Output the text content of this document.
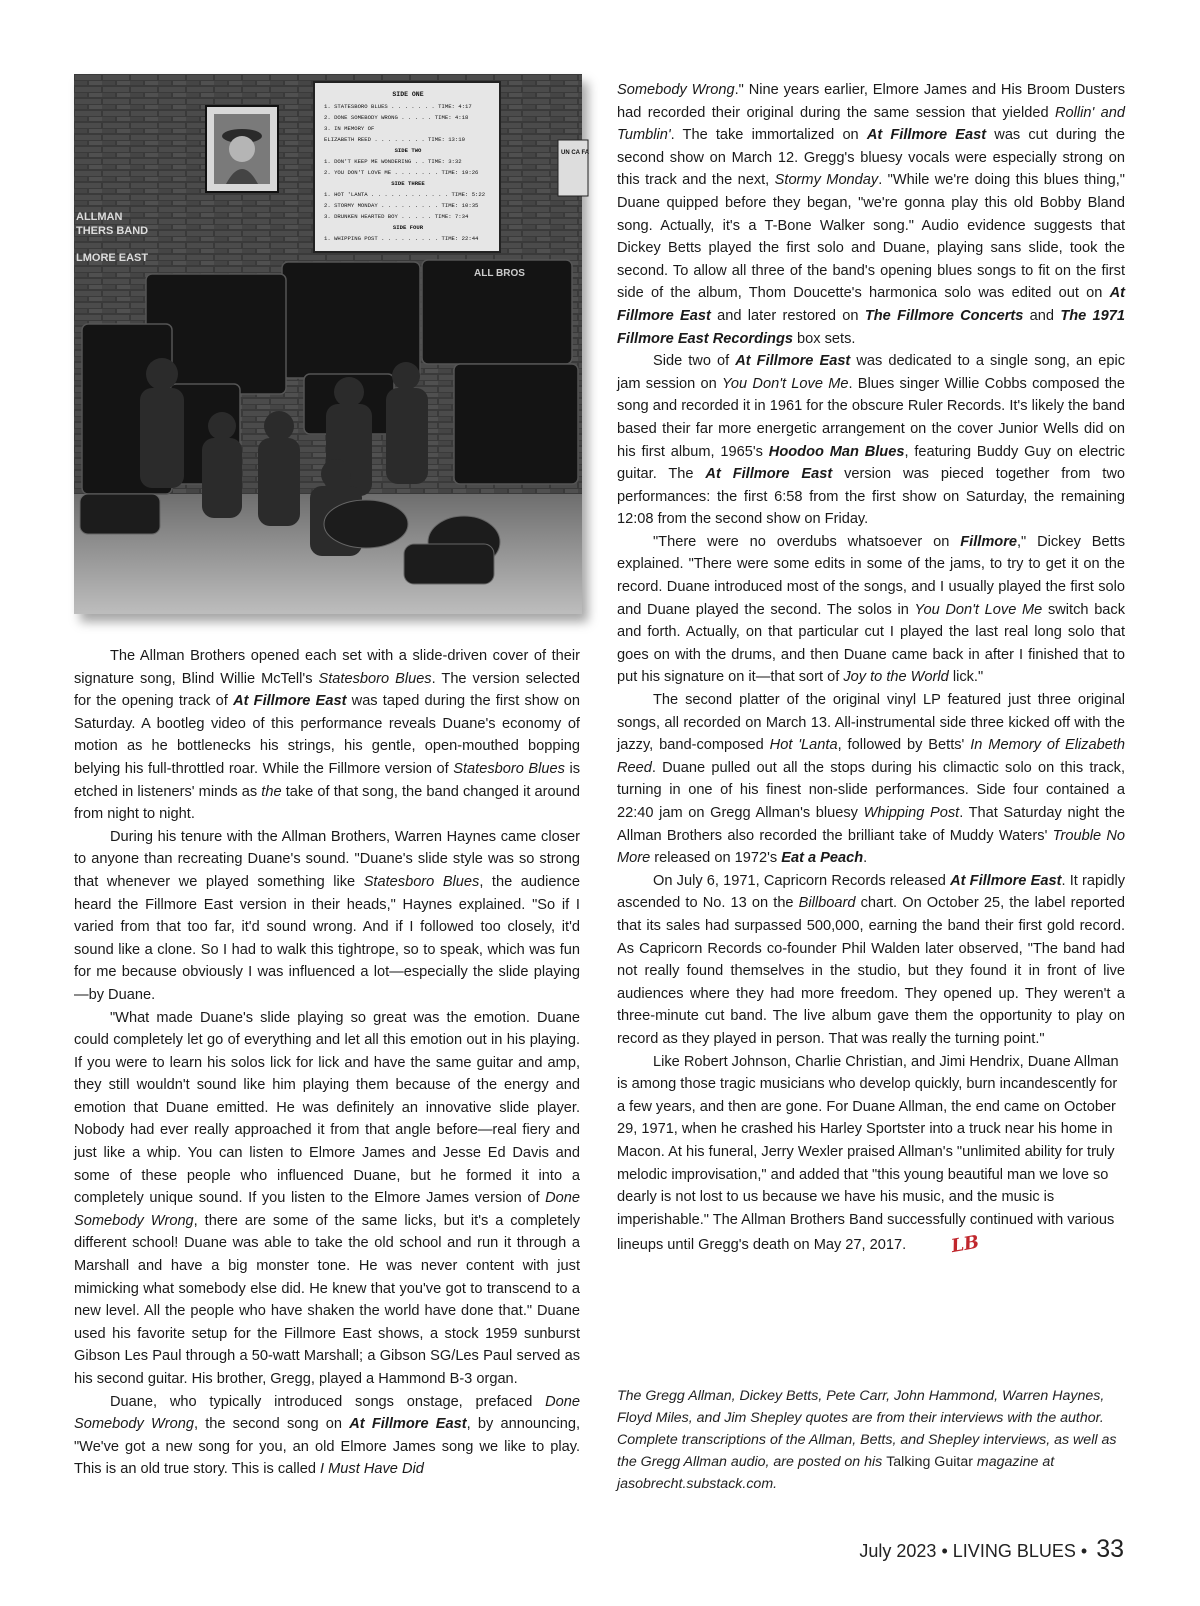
ALLMAN
THERS BAND
LMORE EAST
SIDE ONE
1. STATESBORO BLUES . . . . . . . TIME: 4:17
2. DONE SOMEBODY WRONG . . . . . TIME: 4:18
3. IN MEMORY OF
ELIZABETH REED . . . . . . . . TIME: 13:10
SIDE TWO
1. DON'T KEEP ME WONDERING . . TIME: 3:32
2. YOU DON'T LOVE ME . . . . . . . TIME: 19:26
SIDE THREE
1. HOT 'LANTA . . . . . . . . . . . . TIME: 5:22
2. STORMY MONDAY . . . . . . . . . TIME: 10:35
3. DRUNKEN HEARTED BOY . . . . . TIME: 7:34
SIDE FOUR
1. WHIPPING POST . . . . . . . . . TIME: 22:44
UN CA FA
ALL BROS

The Allman Brothers opened each set with a slide-driven cover of their signature song, Blind Willie McTell's Statesboro Blues. The version selected for the opening track of At Fillmore East was taped during the first show on Saturday. A bootleg video of this performance reveals Duane's economy of motion as he bottlenecks his strings, his gentle, open-mouthed bopping belying his full-throttled roar. While the Fillmore version of Statesboro Blues is etched in listeners' minds as the take of that song, the band changed it around from night to night.

During his tenure with the Allman Brothers, Warren Haynes came closer to anyone than recreating Duane's sound. "Duane's slide style was so strong that whenever we played something like Statesboro Blues, the audience heard the Fillmore East version in their heads," Haynes explained. "So if I varied from that too far, it'd sound wrong. And if I followed too closely, it'd sound like a clone. So I had to walk this tightrope, so to speak, which was fun for me because obviously I was influenced a lot—especially the slide playing—by Duane.

"What made Duane's slide playing so great was the emotion. Duane could completely let go of everything and let all this emotion out in his playing. If you were to learn his solos lick for lick and have the same guitar and amp, they still wouldn't sound like him playing them because of the energy and emotion that Duane emitted. He was definitely an innovative slide player. Nobody had ever really approached it from that angle before—real fiery and just like a whip. You can listen to Elmore James and Jesse Ed Davis and some of these people who influenced Duane, but he formed it into a completely unique sound. If you listen to the Elmore James version of Done Somebody Wrong, there are some of the same licks, but it's a completely different school! Duane was able to take the old school and run it through a Marshall and have a big monster tone. He was never content with just mimicking what somebody else did. He knew that you've got to transcend to a new level. All the people who have shaken the world have done that." Duane used his favorite setup for the Fillmore East shows, a stock 1959 sunburst Gibson Les Paul through a 50-watt Marshall; a Gibson SG/Les Paul served as his second guitar. His brother, Gregg, played a Hammond B-3 organ.

Duane, who typically introduced songs onstage, prefaced Done Somebody Wrong, the second song on At Fillmore East, by announcing, "We've got a new song for you, an old Elmore James song we like to play. This is an old true story. This is called I Must Have Did

Somebody Wrong." Nine years earlier, Elmore James and His Broom Dusters had recorded their original during the same session that yielded Rollin' and Tumblin'. The take immortalized on At Fillmore East was cut during the second show on March 12. Gregg's bluesy vocals were especially strong on this track and the next, Stormy Monday. "While we're doing this blues thing," Duane quipped before they began, "we're gonna play this old Bobby Bland song. Actually, it's a T-Bone Walker song." Audio evidence suggests that Dickey Betts played the first solo and Duane, playing sans slide, took the second. To allow all three of the band's opening blues songs to fit on the first side of the album, Thom Doucette's harmonica solo was edited out on At Fillmore East and later restored on The Fillmore Concerts and The 1971 Fillmore East Recordings box sets.

Side two of At Fillmore East was dedicated to a single song, an epic jam session on You Don't Love Me. Blues singer Willie Cobbs composed the song and recorded it in 1961 for the obscure Ruler Records. It's likely the band based their far more energetic arrangement on the cover Junior Wells did on his first album, 1965's Hoodoo Man Blues, featuring Buddy Guy on electric guitar. The At Fillmore East version was pieced together from two performances: the first 6:58 from the first show on Saturday, the remaining 12:08 from the second show on Friday.

"There were no overdubs whatsoever on Fillmore," Dickey Betts explained. "There were some edits in some of the jams, to try to get it on the record. Duane introduced most of the songs, and I usually played the first solo and Duane played the second. The solos in You Don't Love Me switch back and forth. Actually, on that particular cut I played the last real long solo that goes on with the drums, and then Duane came back in after I finished that to put his signature on it—that sort of Joy to the World lick."

The second platter of the original vinyl LP featured just three original songs, all recorded on March 13. All-instrumental side three kicked off with the jazzy, band-composed Hot 'Lanta, followed by Betts' In Memory of Elizabeth Reed. Duane pulled out all the stops during his climactic solo on this track, turning in one of his finest non-slide performances. Side four contained a 22:40 jam on Gregg Allman's bluesy Whipping Post. That Saturday night the Allman Brothers also recorded the brilliant take of Muddy Waters' Trouble No More released on 1972's Eat a Peach.

On July 6, 1971, Capricorn Records released At Fillmore East. It rapidly ascended to No. 13 on the Billboard chart. On October 25, the label reported that its sales had surpassed 500,000, earning the band their first gold record. As Capricorn Records co-founder Phil Walden later observed, "The band had not really found themselves in the studio, but they found it in front of live audiences where they had more freedom. They opened up. They weren't a three-minute cut band. The live album gave them the opportunity to play on record as they played in person. That was really the turning point."

Like Robert Johnson, Charlie Christian, and Jimi Hendrix, Duane Allman is among those tragic musicians who develop quickly, burn incandescently for a few years, and then are gone. For Duane Allman, the end came on October 29, 1971, when he crashed his Harley Sportster into a truck near his home in Macon. At his funeral, Jerry Wexler praised Allman's "unlimited ability for truly melodic improvisation," and added that "this young beautiful man we love so dearly is not lost to us because we have his music, and the music is imperishable." The Allman Brothers Band successfully continued with various lineups until Gregg's death on May 27, 2017. LB

The Gregg Allman, Dickey Betts, Pete Carr, John Hammond, Warren Haynes, Floyd Miles, and Jim Shepley quotes are from their interviews with the author. Complete transcriptions of the Allman, Betts, and Shepley interviews, as well as the Gregg Allman audio, are posted on his Talking Guitar magazine at jasobrecht.substack.com.
July 2023 • LIVING BLUES • 33
